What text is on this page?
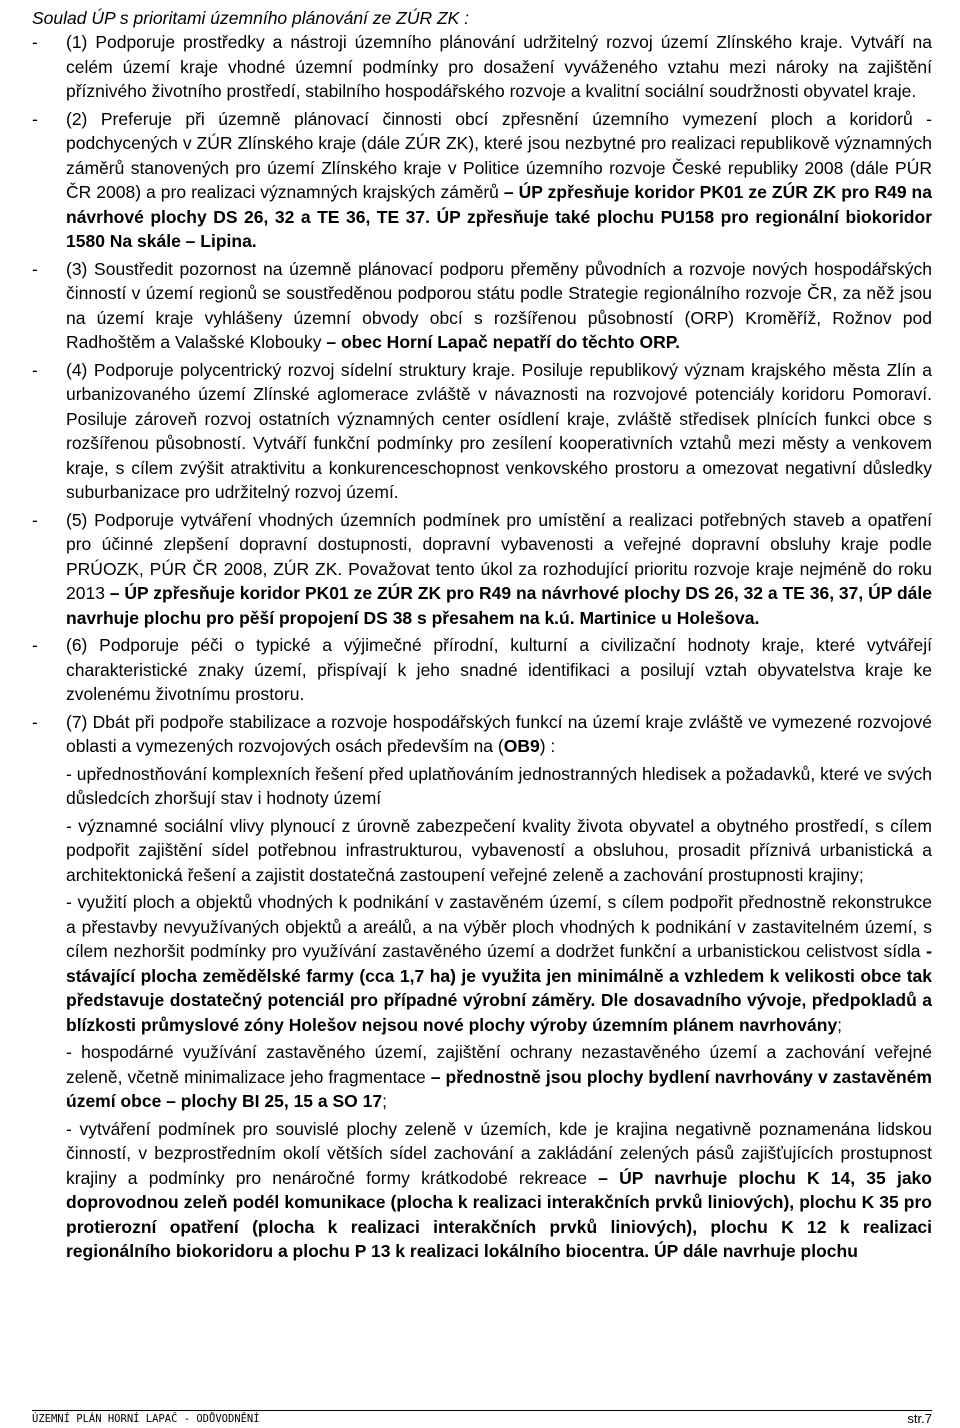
Soulad ÚP s prioritami územního plánování ze ZÚR ZK :
-	(1) Podporuje prostředky a nástroji územního plánování udržitelný rozvoj území Zlínského kraje. Vytváří na celém území kraje vhodné územní podmínky pro dosažení vyváženého vztahu mezi nároky na zajištění příznivého životního prostředí, stabilního hospodářského rozvoje a kvalitní sociální soudržnosti obyvatel kraje.
-	(2) Preferuje při územně plánovací činnosti obcí zpřesnění územního vymezení ploch a koridorů - podchycených v ZÚR Zlínského kraje (dále ZÚR ZK), které jsou nezbytné pro realizaci republikově významných záměrů stanovených pro území Zlínského kraje v Politice územního rozvoje České republiky 2008 (dále PÚR ČR 2008) a pro realizaci významných krajských záměrů – ÚP zpřesňuje koridor PK01 ze ZÚR ZK pro R49 na návrhové plochy DS 26, 32 a TE 36, TE 37. ÚP zpřesňuje také plochu PU158 pro regionální biokoridor 1580 Na skále – Lipina.
-	(3) Soustředit pozornost na územně plánovací podporu přeměny původních a rozvoje nových hospodářských činností v území regionů se soustředěnou podporou státu podle Strategie regionálního rozvoje ČR, za něž jsou na území kraje vyhlášeny územní obvody obcí s rozšířenou působností (ORP) Kroměříž, Rožnov pod Radhoštěm a Valašské Klobouky – obec Horní Lapač nepatří do těchto ORP.
-	(4) Podporuje polycentrický rozvoj sídelní struktury kraje. Posiluje republikový význam krajského města Zlín a urbanizovaného území Zlínské aglomerace zvláště v návaznosti na rozvojové potenciály koridoru Pomoraví. Posiluje zároveň rozvoj ostatních významných center osídlení kraje, zvláště středisek plnících funkci obce s rozšířenou působností. Vytváří funkční podmínky pro zesílení kooperativních vztahů mezi městy a venkovem kraje, s cílem zvýšit atraktivitu a konkurenceschopnost venkovského prostoru a omezovat negativní důsledky suburbanizace pro udržitelný rozvoj území.
-	(5) Podporuje vytváření vhodných územních podmínek pro umístění a realizaci potřebných staveb a opatření pro účinné zlepšení dopravní dostupnosti, dopravní vybavenosti a veřejné dopravní obsluhy kraje podle PRÚOZK, PÚR ČR 2008, ZÚR ZK. Považovat tento úkol za rozhodující prioritu rozvoje kraje nejméně do roku 2013 – ÚP zpřesňuje koridor PK01 ze ZÚR ZK pro R49 na návrhové plochy DS 26, 32 a TE 36, 37, ÚP dále navrhuje plochu pro pěší propojení DS 38 s přesahem na k.ú. Martinice u Holešova.
-	(6) Podporuje péči o typické a výjimečné přírodní, kulturní a civilizační hodnoty kraje, které vytvářejí charakteristické znaky území, přispívají k jeho snadné identifikaci a posilují vztah obyvatelstva kraje ke zvolenému životnímu prostoru.
-	(7) Dbát při podpoře stabilizace a rozvoje hospodářských funkcí na území kraje zvláště ve vymezené rozvojové oblasti a vymezených rozvojových osách především na (OB9) :
- upřednostňování komplexních řešení před uplatňováním jednostranných hledisek a požadavků, které ve svých důsledcích zhoršují stav i hodnoty území
- významné sociální vlivy plynoucí z úrovně zabezpečení kvality života obyvatel a obytného prostředí, s cílem podpořit zajištění sídel potřebnou infrastrukturou, vybaveností a obsluhou, prosadit příznivá urbanistická a architektonická řešení a zajistit dostatečná zastoupení veřejné zeleně a zachování prostupnosti krajiny;
- využití ploch a objektů vhodných k podnikání v zastavěném území, s cílem podpořit přednostně rekonstrukce a přestavby nevyužívaných objektů a areálů, a na výběr ploch vhodných k podnikání v zastavitelném území, s cílem nezhoršit podmínky pro využívání zastavěného území a dodržet funkční a urbanistickou celistvost sídla - stávající plocha zemědělské farmy (cca 1,7 ha) je využita jen minimálně a vzhledem k velikosti obce tak představuje dostatečný potenciál pro případné výrobní záměry. Dle dosavadního vývoje, předpokladů a blízkosti průmyslové zóny Holešov nejsou nové plochy výroby územním plánem navrhovány;
- hospodárné využívání zastavěného území, zajištění ochrany nezastavěného území a zachování veřejné zeleně, včetně minimalizace jeho fragmentace – přednostně jsou plochy bydlení navrhovány v zastavěném území obce – plochy BI 25, 15 a SO 17;
- vytváření podmínek pro souvislé plochy zeleně v územích, kde je krajina negativně poznamenána lidskou činností, v bezprostředním okolí větších sídel zachování a zakládání zelených pásů zajišťujících prostupnost krajiny a podmínky pro nenáročné formy krátkodobé rekreace – ÚP navrhuje plochu K 14, 35 jako doprovodnou zeleň podél komunikace (plocha k realizaci interakčních prvků liniových), plochu K 35 pro protierozní opatření (plocha k realizaci interakčních prvků liniových), plochu K 12 k realizaci regionálního biokoridoru a plochu P 13 k realizaci lokálního biocentra. ÚP dále navrhuje plochu
ÚZEMNÍ PLÁN HORNÍ LAPAČ - ODŮVODNĚNÍ	str.7
